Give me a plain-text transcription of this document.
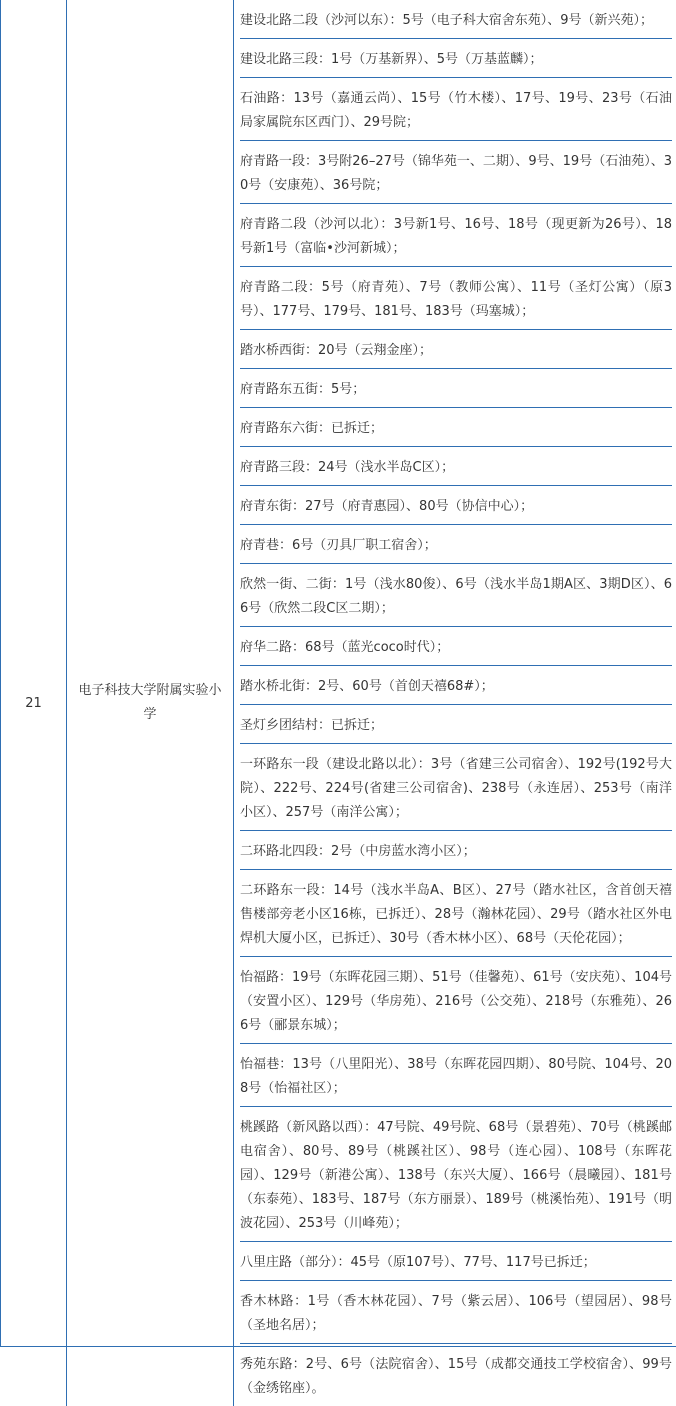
21
电子科技大学附属实验小学
建设北路二段（沙河以东）：5号（电子科大宿舍东苑）、9号（新兴苑）；
建设北路三段：1号（万基新界）、5号（万基蓝麟）；
石油路：13号（嘉通云尚）、15号（竹木楼）、17号、19号、23号（石油局家属院东区西门）、29号院；
府青路一段：3号附26–27号（锦华苑一、二期）、9号、19号（石油苑）、30号（安康苑）、36号院；
府青路二段（沙河以北）：3号新1号、16号、18号（现更新为26号）、18号新1号（富临•沙河新城）；
府青路二段：5号（府青苑）、7号（教师公寓）、11号（圣灯公寓）（原3号）、177号、179号、181号、183号（玛塞城）；
踏水桥西街：20号（云翔金座）；
府青路东五街：5号；
府青路东六街：已拆迁；
府青路三段：24号（浅水半岛C区）；
府青东街：27号（府青惠园）、80号（协信中心）；
府青巷：6号（刃具厂职工宿舍）；
欣然一街、二街：1号（浅水80俊）、6号（浅水半岛1期A区、3期D区）、66号（欣然二段C区二期）；
府华二路：68号（蓝光coco时代）；
踏水桥北街：2号、60号（首创天禧68#）；
圣灯乡团结村：已拆迁；
一环路东一段（建设北路以北）：3号（省建三公司宿舍）、192号(192号大院）、222号、224号(省建三公司宿舍)、238号（永连居）、253号（南洋小区）、257号（南洋公寓）；
二环路北四段：2号（中房蓝水湾小区）；
二环路东一段：14号（浅水半岛A、B区）、27号（踏水社区，含首创天禧售楼部旁老小区16栋，已拆迁）、28号（瀚林花园）、29号（踏水社区外电焊机大厦小区，已拆迁）、30号（香木林小区）、68号（天伦花园）；
怡福路：19号（东晖花园三期）、51号（佳馨苑）、61号（安庆苑）、104号（安置小区）、129号（华房苑）、216号（公交苑）、218号（东雅苑）、266号（郦景东城）；
怡福巷：13号（八里阳光）、38号（东晖花园四期）、80号院、104号、208号（怡福社区）；
桃蹊路（新风路以西）：47号院、49号院、68号（景碧苑）、70号（桃蹊邮电宿舍）、80号、89号（桃蹊社区）、98号（连心园）、108号（东晖花园）、129号（新港公寓）、138号（东兴大厦）、166号（晨曦园）、181号（东泰苑）、183号、187号（东方丽景）、189号（桃溪怡苑）、191号（明波花园）、253号（川峰苑）；
八里庄路（部分）：45号（原107号）、77号、117号已拆迁；
香木林路：1号（香木林花园）、7号（紫云居）、106号（望园居）、98号（圣地名居）；
秀苑东路：2号、6号（法院宿舍）、15号（成都交通技工学校宿舍）、99号（金绣铭座）。
